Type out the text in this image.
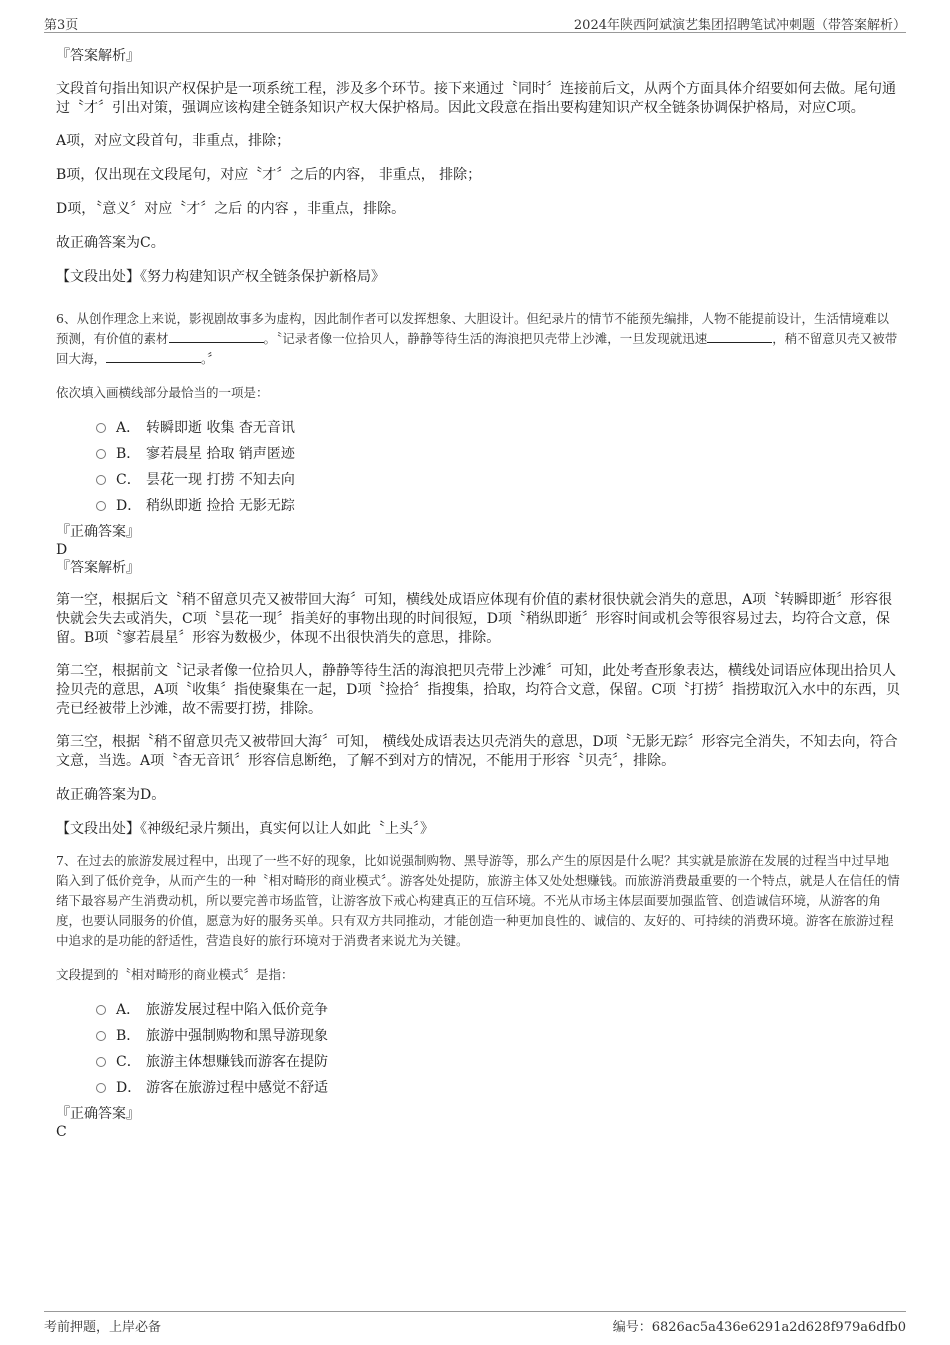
第3页	2024年陕西阿斌演艺集团招聘笔试冲刺题（带答案解析）

『答案解析』

文段首句指出知识产权保护是一项系统工程，涉及多个环节。接下来通过〝同时〞连接前后文，从两个方面具体介绍要如何去做。尾句通过〝才〞引出对策，强调应该构建全链条知识产权大保护格局。因此文段意在指出要构建知识产权全链条协调保护格局，对应C项。

A项，对应文段首句，非重点，排除；

B项，仅出现在文段尾句，对应〝才〞之后的内容， 非重点， 排除；

D项，〝意义〞对应〝才〞之后 的内容 ，非重点，排除。

故正确答案为C。

【文段出处】《努力构建知识产权全链条保护新格局》

6、从创作理念上来说，影视剧故事多为虚构，因此制作者可以发挥想象、大胆设计。但纪录片的情节不能预先编排，人物不能提前设计，生活情境难以预测，有价值的素材	。〝记录者像一位拾贝人，静静等待生活的海浪把贝壳带上沙滩，一旦发现就迅速	，稍不留意贝壳又被带回大海，	。〞

依次填入画横线部分最恰当的一项是：

A． 转瞬即逝 收集 杳无音讯
B． 寥若晨星 拾取 销声匿迹
C． 昙花一现 打捞 不知去向
D． 稍纵即逝 捡拾 无影无踪

『正确答案』

D

『答案解析』

第一空，根据后文〝稍不留意贝壳又被带回大海〞可知，横线处成语应体现有价值的素材很快就会消失的意思，A项〝转瞬即逝〞形容很快就会失去或消失，C项〝昙花一现〞指美好的事物出现的时间很短，D项〝稍纵即逝〞形容时间或机会等很容易过去，均符合文意，保留。B项〝寥若晨星〞形容为数极少，体现不出很快消失的意思，排除。

第二空，根据前文〝记录者像一位拾贝人，静静等待生活的海浪把贝壳带上沙滩〞可知，此处考查形象表达，横线处词语应体现出拾贝人捡贝壳的意思，A项〝收集〞指使聚集在一起，D项〝捡拾〞指搜集，拾取，均符合文意，保留。C项〝打捞〞指捞取沉入水中的东西，贝壳已经被带上沙滩，故不需要打捞，排除。

第三空，根据〝稍不留意贝壳又被带回大海〞可知， 横线处成语表达贝壳消失的意思，D项〝无影无踪〞形容完全消失，不知去向，符合文意，当选。A项〝杳无音讯〞形容信息断绝，了解不到对方的情况，不能用于形容〝贝壳〞，排除。

故正确答案为D。

【文段出处】《神级纪录片频出，真实何以让人如此〝上头〞》

7、在过去的旅游发展过程中，出现了一些不好的现象，比如说强制购物、黑导游等，那么产生的原因是什么呢？其实就是旅游在发展的过程当中过早地陷入到了低价竞争，从而产生的一种〝相对畸形的商业模式〞。游客处处提防，旅游主体又处处想赚钱。而旅游消费最重要的一个特点，就是人在信任的情绪下最容易产生消费动机，所以要完善市场监管，让游客放下戒心构建真正的互信环境。不光从市场主体层面要加强监管、创造诚信环境，从游客的角度，也要认同服务的价值，愿意为好的服务买单。只有双方共同推动，才能创造一种更加良性的、诚信的、友好的、可持续的消费环境。游客在旅游过程中追求的是功能的舒适性，营造良好的旅行环境对于消费者来说尤为关键。

文段提到的〝相对畸形的商业模式〞是指：

A． 旅游发展过程中陷入低价竞争
B． 旅游中强制购物和黑导游现象
C． 旅游主体想赚钱而游客在提防
D． 游客在旅游过程中感觉不舒适

『正确答案』

C

考前押题，上岸必备	编号：6826ac5a436e6291a2d628f979a6dfb0
